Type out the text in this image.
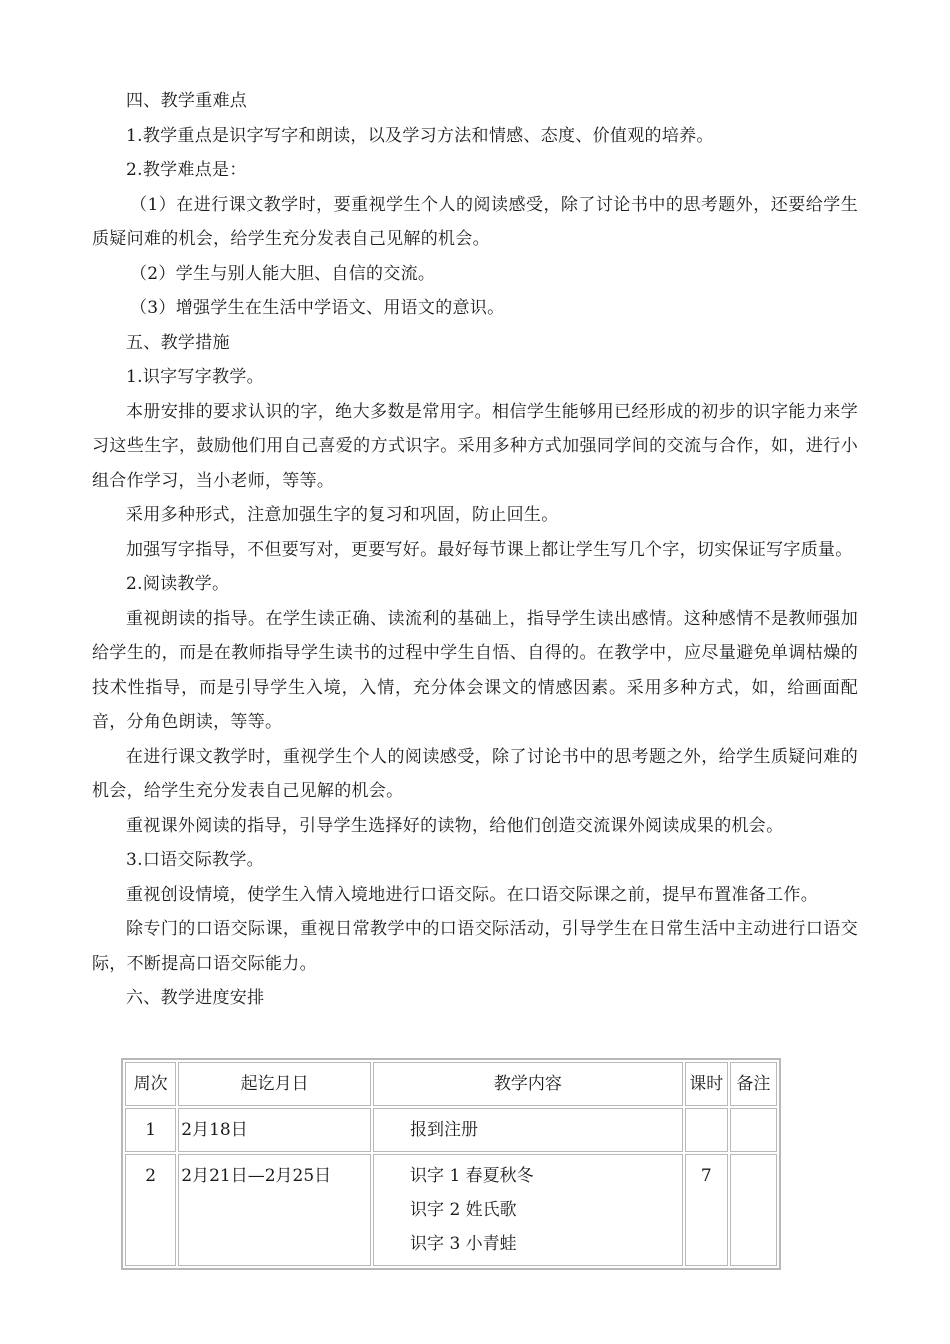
四、教学重难点

1.教学重点是识字写字和朗读，以及学习方法和情感、态度、价值观的培养。

2.教学难点是：

（1）在进行课文教学时，要重视学生个人的阅读感受，除了讨论书中的思考题外，还要给学生质疑问难的机会，给学生充分发表自己见解的机会。

（2）学生与别人能大胆、自信的交流。

（3）增强学生在生活中学语文、用语文的意识。

五、教学措施

1.识字写字教学。

本册安排的要求认识的字，绝大多数是常用字。相信学生能够用已经形成的初步的识字能力来学习这些生字，鼓励他们用自己喜爱的方式识字。采用多种方式加强同学间的交流与合作，如，进行小组合作学习，当小老师，等等。

采用多种形式，注意加强生字的复习和巩固，防止回生。

加强写字指导，不但要写对，更要写好。最好每节课上都让学生写几个字，切实保证写字质量。

2.阅读教学。

重视朗读的指导。在学生读正确、读流利的基础上，指导学生读出感情。这种感情不是教师强加给学生的，而是在教师指导学生读书的过程中学生自悟、自得的。在教学中，应尽量避免单调枯燥的技术性指导，而是引导学生入境，入情，充分体会课文的情感因素。采用多种方式，如，给画面配音，分角色朗读，等等。

在进行课文教学时，重视学生个人的阅读感受，除了讨论书中的思考题之外，给学生质疑问难的机会，给学生充分发表自己见解的机会。

重视课外阅读的指导，引导学生选择好的读物，给他们创造交流课外阅读成果的机会。

3.口语交际教学。

重视创设情境，使学生入情入境地进行口语交际。在口语交际课之前，提早布置准备工作。

除专门的口语交际课，重视日常教学中的口语交际活动，引导学生在日常生活中主动进行口语交际，不断提高口语交际能力。

六、教学进度安排

周次	起讫月日	教学内容	课时	备注
1	2月18日	报到注册		

2	2月21日—2月25日	识字 1 春夏秋冬
识字 2 姓氏歌
识字 3 小青蛙	7	
